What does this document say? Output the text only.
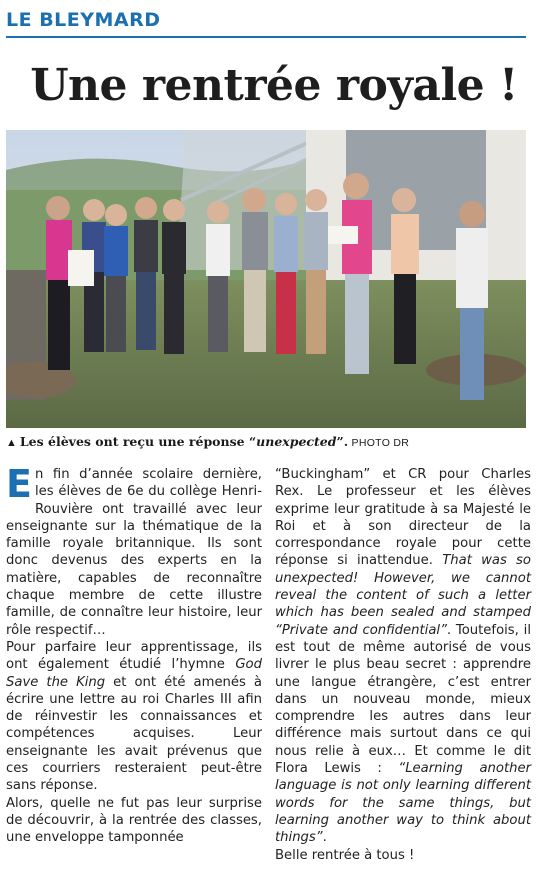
LE BLEYMARD
Une rentrée royale !
▲ Les élèves ont reçu une réponse “unexpected”. PHOTO DR

En fin d’année scolaire dernière, les élèves de 6e du collège Henri-Rouvière ont travaillé avec leur enseignante sur la thématique de la famille royale britannique. Ils sont donc devenus des experts en la matière, capables de reconnaître chaque membre de cette illustre famille, de connaître leur histoire, leur rôle respectif…

Pour parfaire leur apprentissage, ils ont également étudié l’hymne God Save the King et ont été amenés à écrire une lettre au roi Charles III afin de réinvestir les connaissances et compétences acquises. Leur enseignante les avait prévenus que ces courriers resteraient peut-être sans réponse.

Alors, quelle ne fut pas leur surprise de découvrir, à la rentrée des classes, une enveloppe tamponnée

“Buckingham” et CR pour Charles Rex. Le professeur et les élèves exprime leur gratitude à sa Majesté le Roi et à son directeur de la correspondance royale pour cette réponse si inattendue. That was so unexpected! However, we cannot reveal the content of such a letter which has been sealed and stamped “Private and confidential”. Toutefois, il est tout de même autorisé de vous livrer le plus beau secret : apprendre une langue étrangère, c’est entrer dans un nouveau monde, mieux comprendre les autres dans leur différence mais surtout dans ce qui nous relie à eux… Et comme le dit Flora Lewis : “Learning another language is not only learning different words for the same things, but learning another way to think about things”.

Belle rentrée à tous !
